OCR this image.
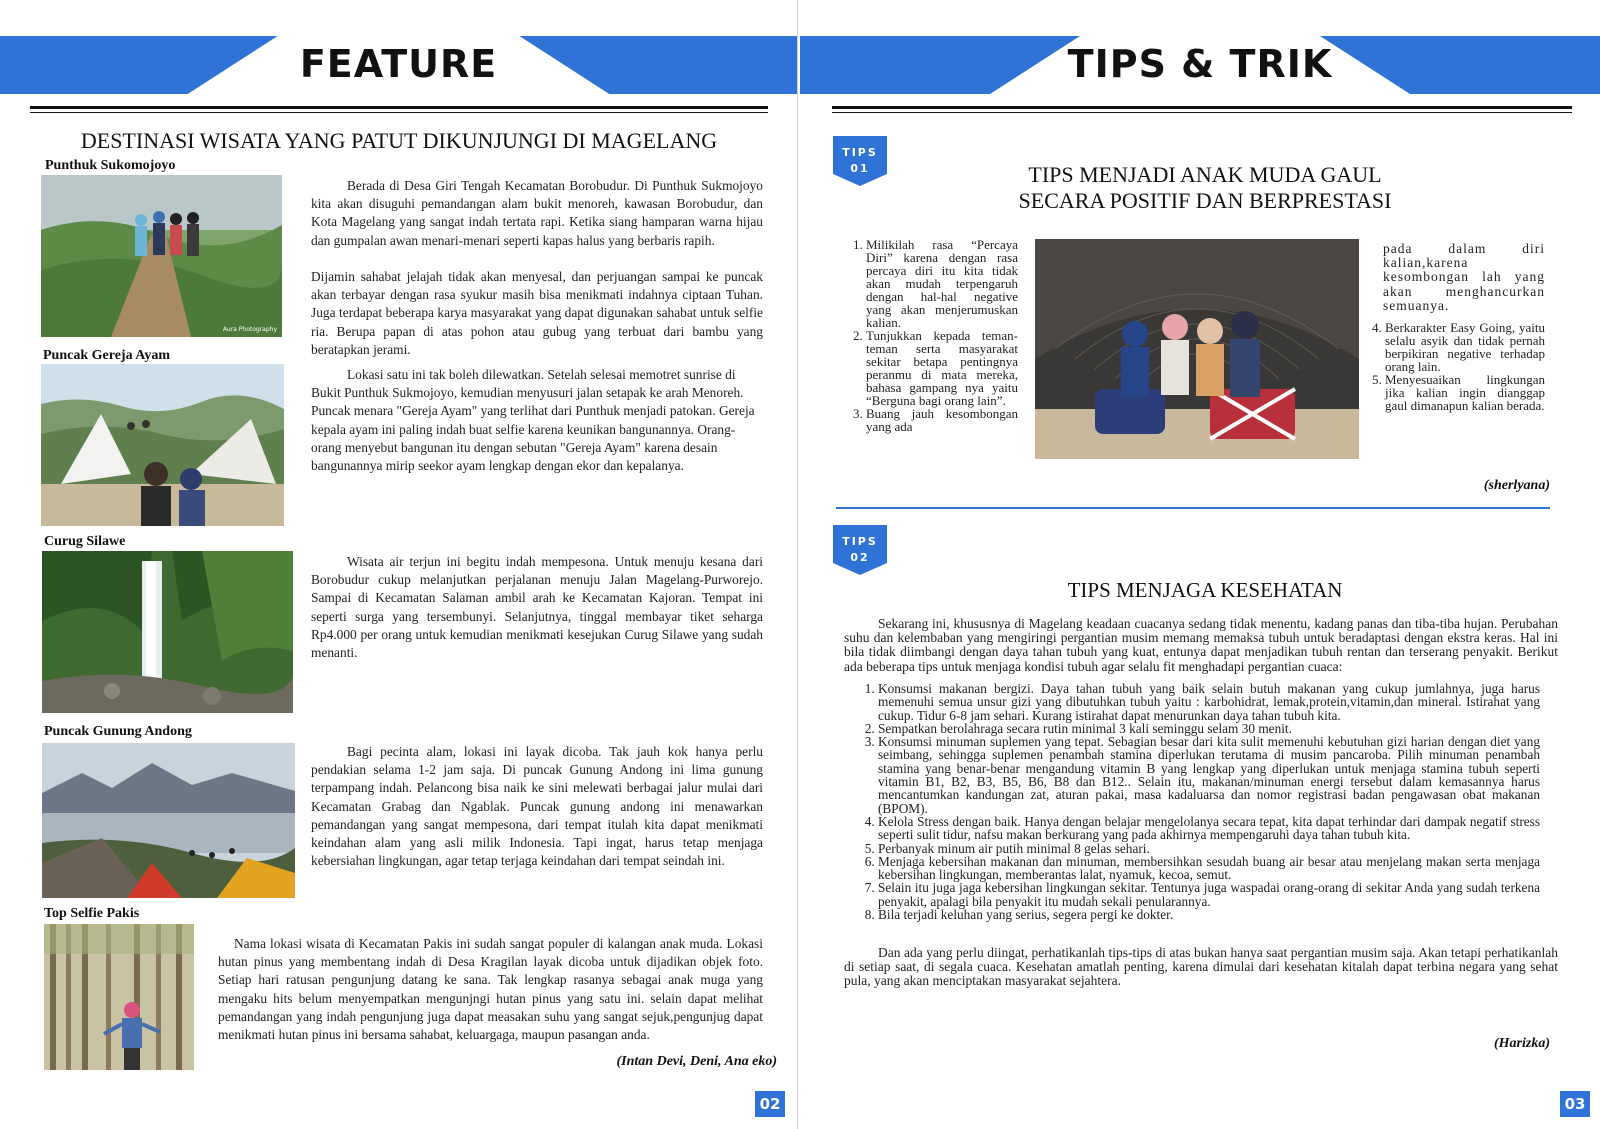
FEATURE
DESTINASI WISATA YANG PATUT DIKUNJUNGI DI MAGELANG
Punthuk Sukomojoyo
Aura Photography
Berada di Desa Giri Tengah Kecamatan Borobudur. Di Punthuk Sukmojoyo kita akan disuguhi pemandangan alam bukit menoreh, kawasan Borobudur, dan Kota Magelang yang sangat indah tertata rapi. Ketika siang hamparan warna hijau dan gumpalan awan menari-menari seperti kapas halus yang berbaris rapih.
Dijamin sahabat jelajah tidak akan menyesal, dan perjuangan sampai ke puncak akan terbayar dengan rasa syukur masih bisa menikmati indahnya ciptaan Tuhan. Juga terdapat beberapa karya masyarakat yang dapat digunakan sahabat untuk selfie ria. Berupa papan di atas pohon atau gubug yang terbuat dari bambu yang beratapkan jerami.
Puncak Gereja Ayam
Lokasi satu ini tak boleh dilewatkan. Setelah selesai memotret sunrise di Bukit Punthuk Sukmojoyo, kemudian menyusuri jalan setapak ke arah Menoreh. Puncak menara "Gereja Ayam" yang terlihat dari Punthuk menjadi patokan. Gereja kepala ayam ini paling indah buat selfie karena keunikan bangunannya. Orang-orang menyebut bangunan itu dengan sebutan "Gereja Ayam" karena desain bangunannya mirip seekor ayam lengkap dengan ekor dan kepalanya.
Curug Silawe
Wisata air terjun ini begitu indah mempesona. Untuk menuju kesana dari Borobudur cukup melanjutkan perjalanan menuju Jalan Magelang-Purworejo. Sampai di Kecamatan Salaman ambil arah ke Kecamatan Kajoran. Tempat ini seperti surga yang tersembunyi. Selanjutnya, tinggal membayar tiket seharga Rp4.000 per orang untuk kemudian menikmati kesejukan Curug Silawe yang sudah menanti.
Puncak Gunung Andong
Bagi pecinta alam, lokasi ini layak dicoba. Tak jauh kok hanya perlu pendakian selama 1-2 jam saja. Di puncak Gunung Andong ini lima gunung terpampang indah. Pelancong bisa naik ke sini melewati berbagai jalur mulai dari Kecamatan Grabag dan Ngablak. Puncak gunung andong ini menawarkan pemandangan yang sangat mempesona, dari tempat itulah kita dapat menikmati keindahan alam yang asli milik Indonesia. Tapi ingat, harus tetap menjaga kebersiahan lingkungan, agar tetap terjaga keindahan dari tempat seindah ini.
Top Selfie Pakis
Nama lokasi wisata di Kecamatan Pakis ini sudah sangat populer di kalangan anak muda. Lokasi hutan pinus yang membentang indah di Desa Kragilan layak dicoba untuk dijadikan objek foto. Setiap hari ratusan pengunjung datang ke sana. Tak lengkap rasanya sebagai anak muga yang mengaku hits belum menyempatkan mengunjngi hutan pinus yang satu ini. selain dapat melihat pemandangan yang indah pengunjung juga dapat measakan suhu yang sangat sejuk,pengunjug dapat menikmati hutan pinus ini bersama sahabat, keluargaga, maupun pasangan anda.
(Intan Devi, Deni, Ana eko)
02
TIPS & TRIK
TIPS
01	TIPS MENJADI ANAK MUDA GAUL
SECARA POSITIF DAN BERPRESTASI
1. Milikilah rasa “Percaya Diri” karena dengan rasa percaya diri itu kita tidak akan mudah terpengaruh dengan hal-hal negative yang akan menjerumuskan kalian.
2. Tunjukkan kepada teman-teman serta masyarakat sekitar betapa pentingnya peranmu di mata mereka, bahasa gampang nya yaitu “Berguna bagi orang lain”.
3. Buang jauh kesombongan yang ada
pada dalam diri kalian,karena kesombongan lah yang akan menghancurkan semuanya.
4. Berkarakter Easy Going, yaitu selalu asyik dan tidak pernah berpikiran negative terhadap orang lain.
5. Menyesuaikan lingkungan jika kalian ingin dianggap gaul dimanapun kalian berada.
(sherlyana)
TIPS
02
TIPS MENJAGA KESEHATAN
Sekarang ini, khususnya di Magelang keadaan cuacanya sedang tidak menentu, kadang panas dan tiba-tiba hujan. Perubahan suhu dan kelembaban yang mengiringi pergantian musim memang memaksa tubuh untuk beradaptasi dengan ekstra keras. Hal ini bila tidak diimbangi dengan daya tahan tubuh yang kuat, entunya dapat menjadikan tubuh rentan dan terserang penyakit. Berikut ada beberapa tips untuk menjaga kondisi tubuh agar selalu fit menghadapi pergantian cuaca:
1. Konsumsi makanan bergizi. Daya tahan tubuh yang baik selain butuh makanan yang cukup jumlahnya, juga harus memenuhi semua unsur gizi yang dibutuhkan tubuh yaitu : karbohidrat, lemak,protein,vitamin,dan mineral. Istirahat yang cukup. Tidur 6-8 jam sehari. Kurang istirahat dapat menurunkan daya tahan tubuh kita.
2. Sempatkan berolahraga secara rutin minimal 3 kali seminggu selam 30 menit.
3. Konsumsi minuman suplemen yang tepat. Sebagian besar dari kita sulit memenuhi kebutuhan gizi harian dengan diet yang seimbang, sehingga suplemen penambah stamina diperlukan terutama di musim pancaroba. Pilih minuman penambah stamina yang benar-benar mengandung vitamin B yang lengkap yang diperlukan untuk menjaga stamina tubuh seperti vitamin B1, B2, B3, B5, B6, B8 dan B12.. Selain itu, makanan/minuman energi tersebut dalam kemasannya harus mencantumkan kandungan zat, aturan pakai, masa kadaluarsa dan nomor registrasi badan pengawasan obat makanan (BPOM).
4. Kelola Stress dengan baik. Hanya dengan belajar mengelolanya secara tepat, kita dapat terhindar dari dampak negatif stress seperti sulit tidur, nafsu makan berkurang yang pada akhirnya mempengaruhi daya tahan tubuh kita.
5. Perbanyak minum air putih minimal 8 gelas sehari.
6. Menjaga kebersihan makanan dan minuman, membersihkan sesudah buang air besar atau menjelang makan serta menjaga kebersihan lingkungan, memberantas lalat, nyamuk, kecoa, semut.
7. Selain itu juga jaga kebersihan lingkungan sekitar. Tentunya juga waspadai orang-orang di sekitar Anda yang sudah terkena penyakit, apalagi bila penyakit itu mudah sekali penularannya.
8. Bila terjadi keluhan yang serius, segera pergi ke dokter.
Dan ada yang perlu diingat, perhatikanlah tips-tips di atas bukan hanya saat pergantian musim saja. Akan tetapi perhatikanlah di setiap saat, di segala cuaca. Kesehatan amatlah penting, karena dimulai dari kesehatan kitalah dapat terbina negara yang sehat pula, yang akan menciptakan masyarakat sejahtera.
(Harizka)
03
